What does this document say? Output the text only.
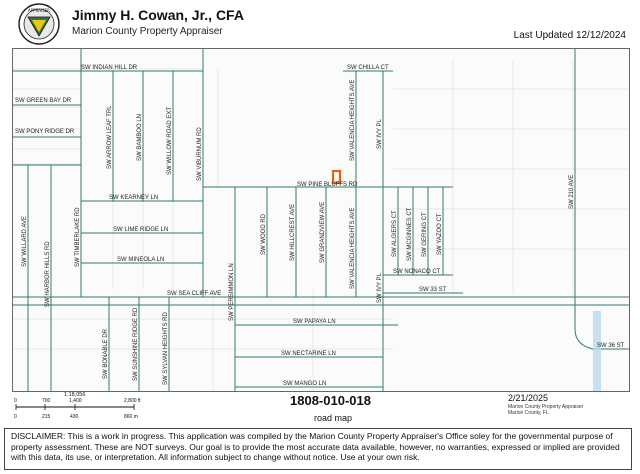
APPRAISER Jimmy H. Cowan, Jr., CFA
Marion County Property Appraiser	Last Updated 12/12/2024
SW INDIAN HILL DR	SW CHILLA CT
SW GREEN BAY DR
SW PONY RIDGE DR
SW PINE BLUFFS RD
SW KEARNEY LN
SW LIME RIDGE LN
SW MINEOLA LN
SW NONACO CT
SW 33 ST
SW SEA CLIFF AVE
SW PAPAYA LN
SW NECTARINE LN
SW MANGO LN
SW 36 ST
SW ARROW LEAF TRL	SW BAMBOO LN	SW WILLOW ROAD EXT	SW VIBURNUM RD	SW VALENCIA HEIGHTS AVE	SW IVY PL
SW WILLARD AVE	SW HARBOR HILLS RD
SW TIMBERLAKE RD	SW WOOD RD	SW HILLCREST AVE	SW GRANDVIEW AVE	SW VALENCIA HEIGHTS AVE	SW ALGIERS CT SW MCGINNES CT SW GERING CT SW YAZOO CT
SW IVY PL
SW PERSIMMON LN
SW BONABLE DR	SW SUNSHINE RIDGE RD	SW SYLVAN HEIGHTS RD
SW 210 AVE
1:18,056
0	700	1,400	2,800 ft
0	215	430	860 m
1808-010-018
road map
2/21/2025
Marion County Property Appraiser
Marion County, FL
DISCLAIMER: This is a work in progress. This application was compiled by the Marion County Property Appraiser's Office soley for the governmental purpose of property assessment. These are NOT surveys. Our goal is to provide the most accurate data available, however, no warranties, expressed or implied are provided with this data, its use, or interpretation. All information subject to change without notice. Use at your own risk.
